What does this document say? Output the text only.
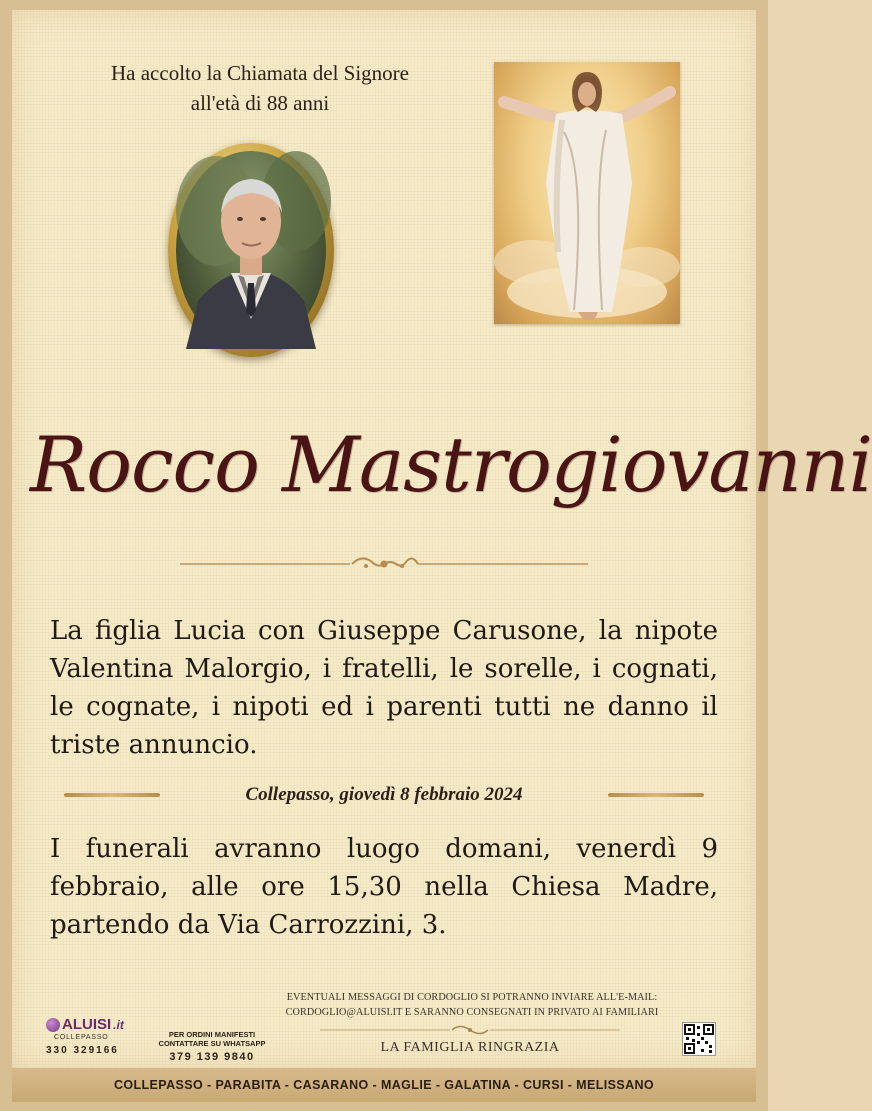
Ha accolto la Chiamata del Signore
all'età di 88 anni
Rocco Mastrogiovanni
La figlia Lucia con Giuseppe Carusone, la nipote Valentina Malorgio, i fratelli, le sorelle, i cognati, le cognate, i nipoti ed i parenti tutti ne danno il triste annuncio.
Collepasso, giovedì 8 febbraio 2024
I funerali avranno luogo domani, venerdì 9 febbraio, alle ore 15,30 nella Chiesa Madre, partendo da Via Carrozzini, 3.
ALUISI .it
COLLEPASSO
330 329166
PER ORDINI MANIFESTI
CONTATTARE SU WHATSAPP
379 139 9840
EVENTUALI MESSAGGI DI CORDOGLIO SI POTRANNO INVIARE ALL'E-MAIL:
CORDOGLIO@ALUISI.IT E SARANNO CONSEGNATI IN PRIVATO AI FAMILIARI
LA FAMIGLIA RINGRAZIA
COLLEPASSO - PARABITA - CASARANO - MAGLIE - GALATINA - CURSI - MELISSANO
